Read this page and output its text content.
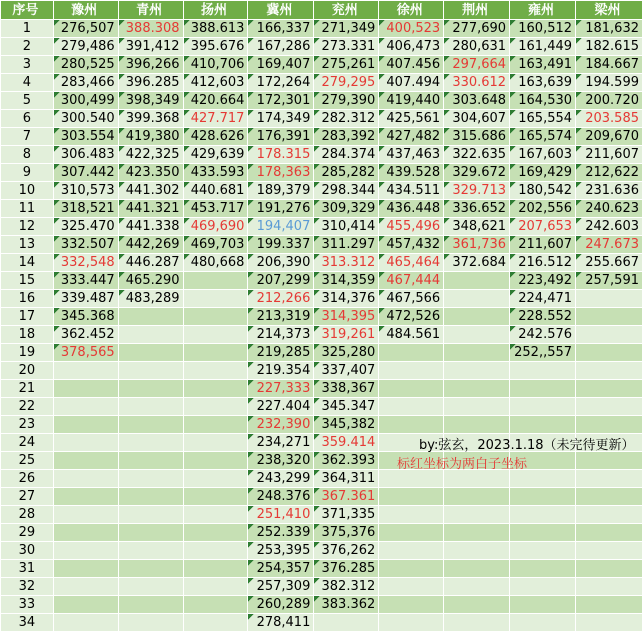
序号	豫州	青州	扬州	冀州	兖州	徐州	荆州	雍州	梁州
1	276,507	388.308	388.613	166,337	271,349	400,523	277,690	160,512	181,632
2	279,486	391,412	395.676	167,286	273.331	406,473	280,631	161,449	182.615
3	280,525	396,266	410,706	169,407	275,261	407.456	297,664	163,491	184.667
4	283,466	396.285	412,603	172,264	279,295	407.494	330.612	163,639	194.599
5	300,499	398,349	420.664	172,301	279,390	419,440	303.648	164,530	200.720
6	300.540	399.368	427.717	174,349	282.312	425,561	304,607	165,554	203.585
7	303.554	419,380	428.626	176,391	283,392	427,482	315.686	165,574	209,670
8	306.483	422,325	429,639	178.315	284.374	437,463	322.635	167,603	211,607
9	307.442	423.350	433.593	178,363	285,282	439.528	329.672	169,429	212,622
10	310,573	441.302	440.681	189,379	298.344	434.511	329.713	180,542	231.636
11	318,521	441.321	453.717	191,276	309,329	436.448	336.652	202,556	240.623
12	325.470	441.338	469,690	194,407	310,414	455,496	348,621	207,653	242.603
13	332.507	442,269	469,703	199.337	311.297	457,432	361,736	211,607	247.673
14	332,548	446.287	480,668	206,390	313.312	465,464	372.684	216.512	255.667
15	333.447	465.290		207,299	314,359	467,444		223,492	257,591
16	339.487	483,289		212,266	314,376	467,566		224,471	
17	345.368			213,319	314,395	472,526		228.552	
18	362.452			214,373	319,261	484.561		242.576	
19	378,565			219,285	325,280			252,,557	
20				219.354	337,407				
21				227,333	338,367				
22				227.404	345.347				
23				232,390	345,382				
24				234,271	359.414				
25				238,320	362.393				
26				243,299	364,311				
27				248.376	367.361				
28				251,410	371,335				
29				252.339	375,376				
30				253,395	376,262				
31				254,357	376.285				
32				257,309	382.312				
33				260,289	383.362				
34				278,411					
by:弦玄，2023.1.18（未完待更新）
标红坐标为两白子坐标
